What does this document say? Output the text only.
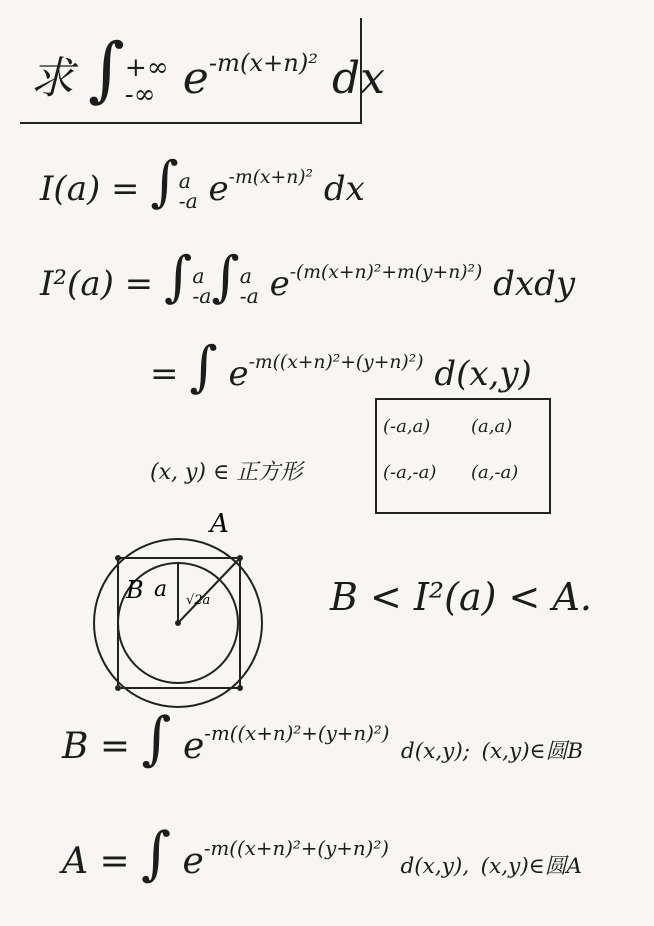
求 ∫ +∞
-∞ $e^{-m(x+n)^2}$ dx
I(a) = ∫ a
-a $e^{-m(x+n)^2}$ dx
I²(a) = ∫ a
-a ∫ a
-a $e^{-(m(x+n)^2+m(y+n)^2)}$ dxdy
= ∫ $e^{-m((x+n)^2+(y+n)^2)}$ d(x,y)
(x, y) ∈ 正方形
(-a,a) (a,a)
(-a,-a) (a,-a)
A
B a √2a	B < I²(a) < A.
B = ∫ $e^{-m((x+n)^2+(y+n)^2)}$ d(x,y); (x,y)∈圆B
A = ∫ $e^{-m((x+n)^2+(y+n)^2)}$ d(x,y), (x,y)∈圆A
